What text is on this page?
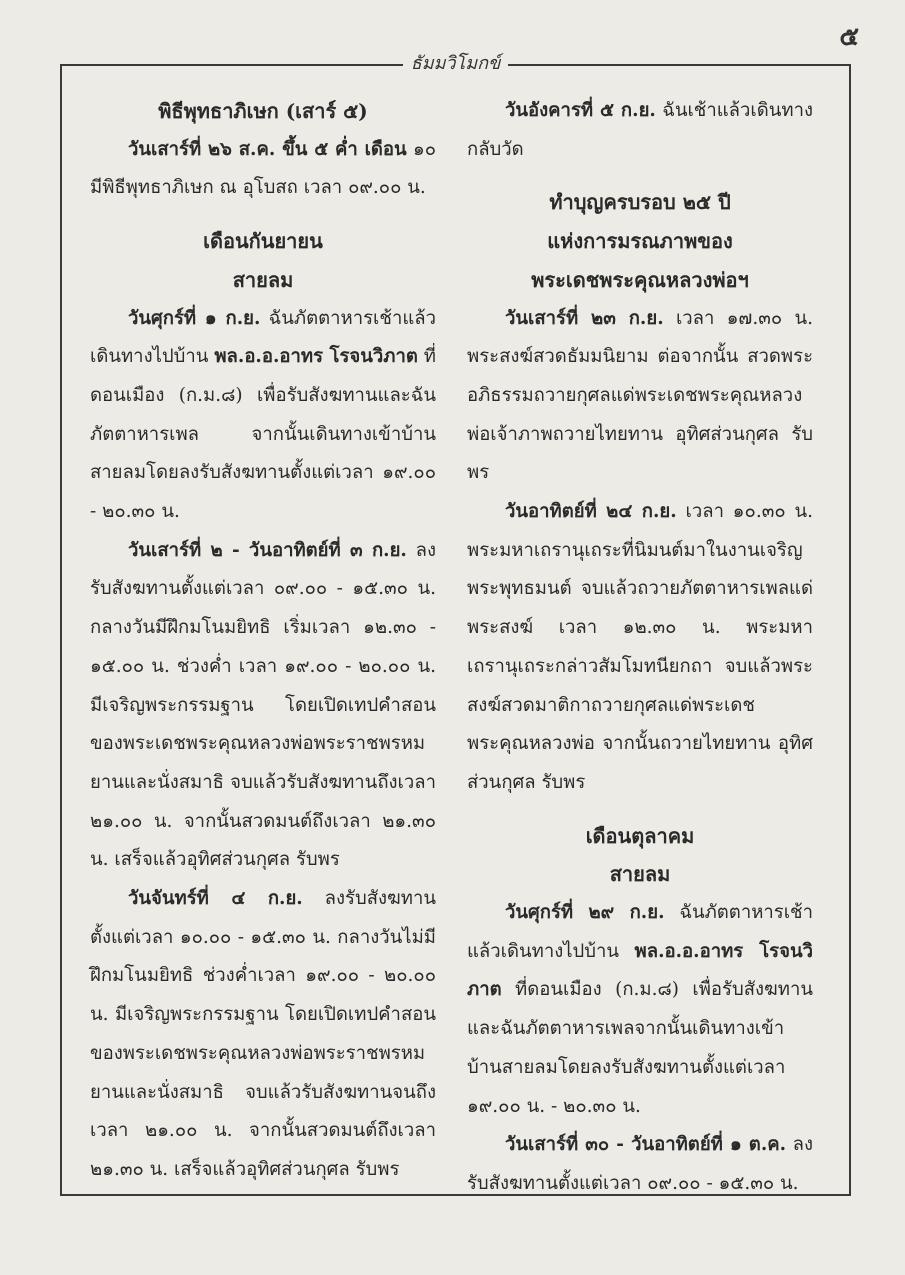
๕
ธัมมวิโมกข์

พิธีพุทธาภิเษก (เสาร์ ๕)

วันเสาร์ที่ ๒๖ ส.ค. ขึ้น ๕ ค่ำ เดือน ๑๐ มีพิธีพุทธาภิเษก ณ อุโบสถ เวลา ๐๙.๐๐ น.

เดือนกันยายน

สายลม

วันศุกร์ที่ ๑ ก.ย. ฉันภัตตาหารเช้าแล้วเดินทางไปบ้าน พล.อ.อ.อาทร โรจนวิภาต ที่ดอนเมือง (ก.ม.๘) เพื่อรับสังฆทานและฉันภัตตาหารเพล จากนั้นเดินทางเข้าบ้านสายลมโดยลงรับสังฆทานตั้งแต่เวลา ๑๙.๐๐ - ๒๐.๓๐ น.

วันเสาร์ที่ ๒ - วันอาทิตย์ที่ ๓ ก.ย. ลงรับสังฆทานตั้งแต่เวลา ๐๙.๐๐ - ๑๕.๓๐ น. กลางวันมีฝึกมโนมยิทธิ เริ่มเวลา ๑๒.๓๐ - ๑๕.๐๐ น. ช่วงค่ำ เวลา ๑๙.๐๐ - ๒๐.๐๐ น. มีเจริญพระกรรมฐาน โดยเปิดเทปคำสอนของพระเดชพระคุณหลวงพ่อพระราชพรหมยานและนั่งสมาธิ จบแล้วรับสังฆทานถึงเวลา ๒๑.๐๐ น. จากนั้นสวดมนต์ถึงเวลา ๒๑.๓๐ น. เสร็จแล้วอุทิศส่วนกุศล รับพร

วันจันทร์ที่ ๔ ก.ย. ลงรับสังฆทาน ตั้งแต่เวลา ๑๐.๐๐ - ๑๕.๓๐ น. กลางวันไม่มีฝึกมโนมยิทธิ ช่วงค่ำเวลา ๑๙.๐๐ - ๒๐.๐๐ น. มีเจริญพระกรรมฐาน โดยเปิดเทปคำสอนของพระเดชพระคุณหลวงพ่อพระราชพรหมยานและนั่งสมาธิ จบแล้วรับสังฆทานจนถึง เวลา ๒๑.๐๐ น. จากนั้นสวดมนต์ถึงเวลา ๒๑.๓๐ น. เสร็จแล้วอุทิศส่วนกุศล รับพร

วันอังคารที่ ๕ ก.ย. ฉันเช้าแล้วเดินทางกลับวัด

ทำบุญครบรอบ ๒๕ ปี

แห่งการมรณภาพของ

พระเดชพระคุณหลวงพ่อฯ

วันเสาร์ที่ ๒๓ ก.ย. เวลา ๑๗.๓๐ น. พระสงฆ์สวดธัมมนิยาม ต่อจากนั้น สวดพระอภิธรรมถวายกุศลแด่พระเดชพระคุณหลวงพ่อเจ้าภาพถวายไทยทาน อุทิศส่วนกุศล รับพร

วันอาทิตย์ที่ ๒๔ ก.ย. เวลา ๑๐.๓๐ น. พระมหาเถรานุเถระที่นิมนต์มาในงานเจริญพระพุทธมนต์ จบแล้วถวายภัตตาหารเพลแด่พระสงฆ์ เวลา ๑๒.๓๐ น. พระมหาเถรานุเถระกล่าวสัมโมทนียกถา จบแล้วพระสงฆ์สวดมาติกาถวายกุศลแด่พระเดชพระคุณหลวงพ่อ จากนั้นถวายไทยทาน อุทิศส่วนกุศล รับพร

เดือนตุลาคม

สายลม

วันศุกร์ที่ ๒๙ ก.ย. ฉันภัตตาหารเช้าแล้วเดินทางไปบ้าน พล.อ.อ.อาทร โรจนวิภาต ที่ดอนเมือง (ก.ม.๘) เพื่อรับสังฆทาน และฉันภัตตาหารเพลจากนั้นเดินทางเข้าบ้านสายลมโดยลงรับสังฆทานตั้งแต่เวลา ๑๙.๐๐ น. - ๒๐.๓๐ น.

วันเสาร์ที่ ๓๐ - วันอาทิตย์ที่ ๑ ต.ค. ลงรับสังฆทานตั้งแต่เวลา ๐๙.๐๐ - ๑๕.๓๐ น.
